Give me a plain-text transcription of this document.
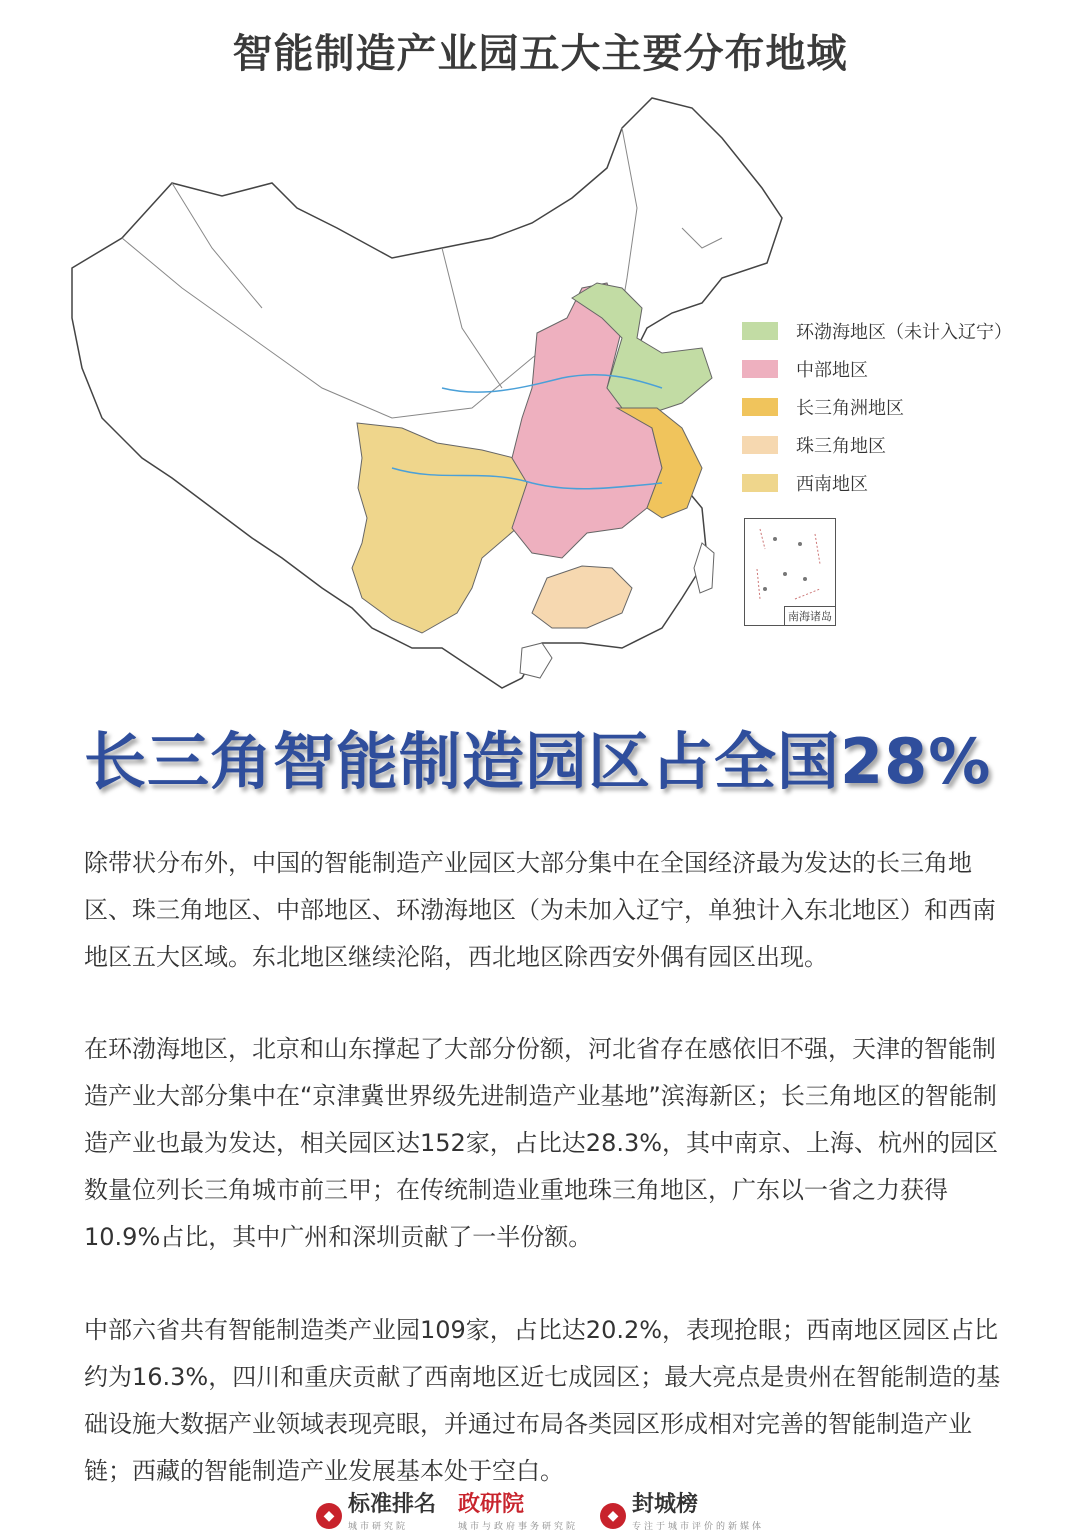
智能制造产业园五大主要分布地域
环渤海地区（未计入辽宁）
中部地区
长三角洲地区
珠三角地区
西南地区
南海诸岛
长三角智能制造园区占全国28%

除带状分布外，中国的智能制造产业园区大部分集中在全国经济最为发达的长三角地区、珠三角地区、中部地区、环渤海地区（为未加入辽宁，单独计入东北地区）和西南地区五大区域。东北地区继续沦陷，西北地区除西安外偶有园区出现。

在环渤海地区，北京和山东撑起了大部分份额，河北省存在感依旧不强，天津的智能制造产业大部分集中在“京津冀世界级先进制造产业基地”滨海新区；长三角地区的智能制造产业也最为发达，相关园区达152家，占比达28.3%，其中南京、上海、杭州的园区数量位列长三角城市前三甲；在传统制造业重地珠三角地区，广东以一省之力获得10.9%占比，其中广州和深圳贡献了一半份额。

中部六省共有智能制造类产业园109家，占比达20.2%，表现抢眼；西南地区园区占比约为16.3%，四川和重庆贡献了西南地区近七成园区；最大亮点是贵州在智能制造的基础设施大数据产业领域表现亮眼，并通过布局各类园区形成相对完善的智能制造产业链；西藏的智能制造产业发展基本处于空白。

◆ 标准排名
城市研究院
政研院
城市与政府事务研究院
◆ 封城榜
专注于城市评价的新媒体
